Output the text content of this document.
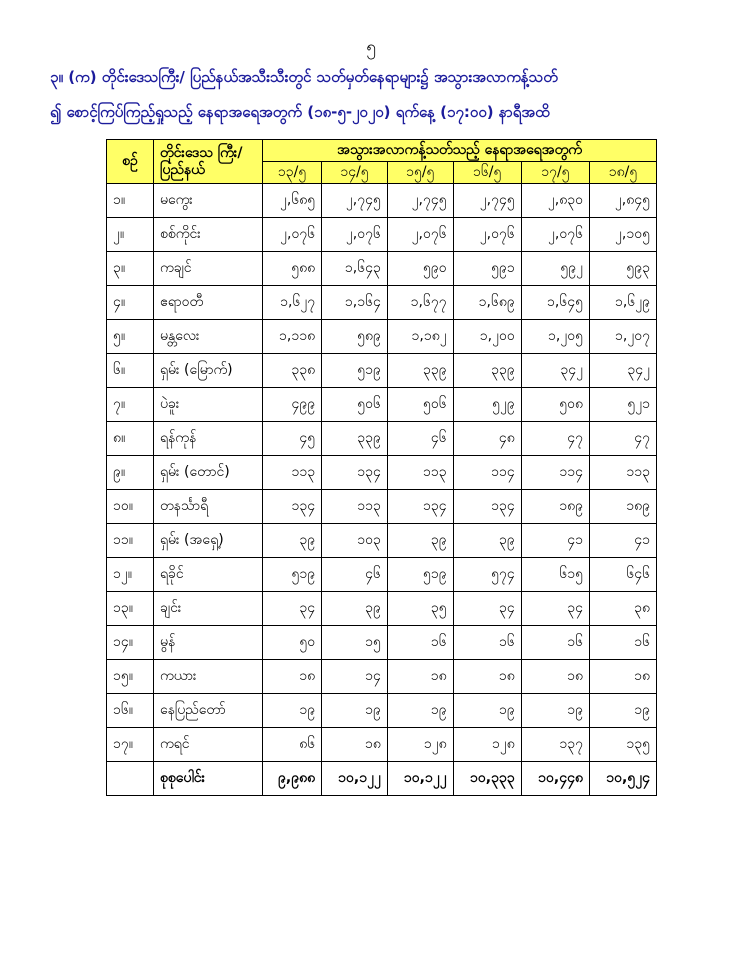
၅
၃။ (က) တိုင်းဒေသကြီး/ ပြည်နယ်အသီးသီးတွင် သတ်မှတ်နေရာများ၌ အသွားအလာကန့်သတ်
၍ စောင့်ကြပ်ကြည့်ရှုသည့် နေရာအရေအတွက် (၁၈-၅-၂၀၂၀) ရက်နေ့ (၁၇:၀၀) နာရီအထိ
စဉ်	တိုင်းဒေသ ကြီး/ ပြည်နယ်	အသွားအလာကန့်သတ်သည့် နေရာအရေအတွက်					
		၁၃/၅	၁၄/၅	၁၅/၅	၁၆/၅	၁၇/၅	၁၈/၅
၁။	မကွေး	၂,၆၈၅	၂,၇၄၅	၂,၇၄၅	၂,၇၄၅	၂,၈၃၀	၂,၈၄၅
၂။	စစ်ကိုင်း	၂,၀၇၆	၂,၀၇၆	၂,၀၇၆	၂,၀၇၆	၂,၀၇၆	၂,၁၀၅
၃။	ကချင်	၅၈၈	၁,၆၄၃	၅၉၀	၅၉၁	၅၉၂	၅၉၃
၄။	ဧရာဝတီ	၁,၆၂၇	၁,၁၆၄	၁,၆၇၇	၁,၆၈၉	၁,၆၄၅	၁,၆၂၉
၅။	မန္တလေး	၁,၁၁၈	၅၈၉	၁,၁၈၂	၁,၂၀၀	၁,၂၀၅	၁,၂၀၇
၆။	ရှမ်း (မြောက်)	၃၃၈	၅၁၉	၃၃၉	၃၃၉	၃၄၂	၃၄၂
၇။	ပဲခူး	၄၉၉	၅၀၆	၅၀၆	၅၂၉	၅၀၈	၅၂၁
၈။	ရန်ကုန်	၄၅	၃၃၉	၄၆	၄၈	၄၇	၄၇
၉။	ရှမ်း (တောင်)	၁၁၃	၁၃၄	၁၁၃	၁၁၄	၁၁၄	၁၁၃
၁၀။	တနင်္သာရီ	၁၃၄	၁၁၃	၁၃၄	၁၃၄	၁၈၉	၁၈၉
၁၁။	ရှမ်း (အရှေ့)	၃၉	၁၀၃	၃၉	၃၉	၄၁	၄၁
၁၂။	ရခိုင်	၅၁၉	၄၆	၅၁၉	၅၇၄	၆၁၅	၆၄၆
၁၃။	ချင်း	၃၄	၃၉	၃၅	၃၄	၃၄	၃၈
၁၄။	မွန်	၅၀	၁၅	၁၆	၁၆	၁၆	၁၆
၁၅။	ကယား	၁၈	၁၄	၁၈	၁၈	၁၈	၁၈
၁၆။	နေပြည်တော်	၁၉	၁၉	၁၉	၁၉	၁၉	၁၉
၁၇။	ကရင်	၈၆	၁၈	၁၂၈	၁၂၈	၁၃၇	၁၃၅
	စုစုပေါင်း	၉,၉၈၈	၁၀,၁၂၂	၁၀,၁၂၂	၁၀,၃၃၃	၁၀,၄၄၈	၁၀,၅၂၄
